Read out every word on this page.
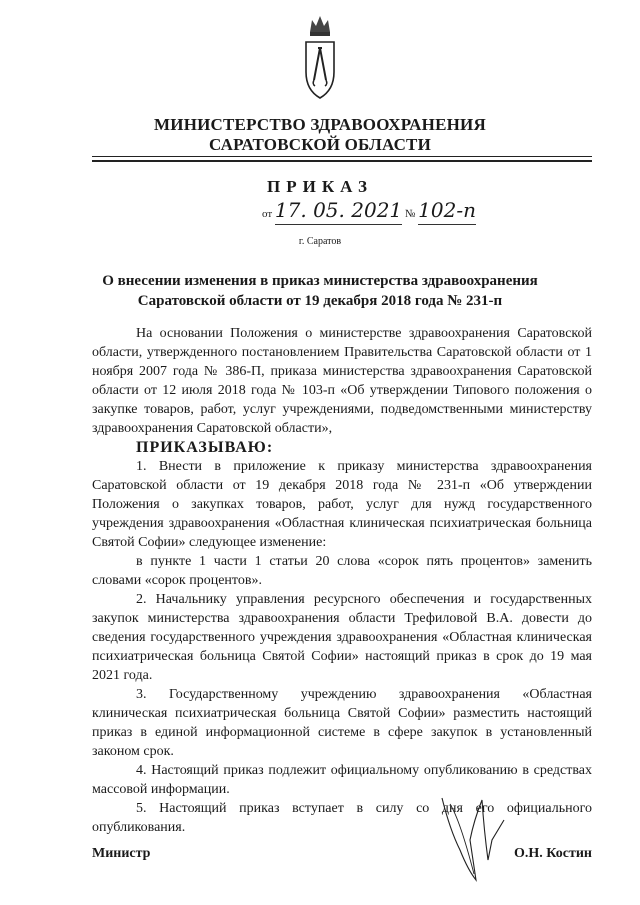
МИНИСТЕРСТВО ЗДРАВООХРАНЕНИЯ
САРАТОВСКОЙ ОБЛАСТИ
ПРИКАЗ
от 17. 05. 2021 № 102-п
г. Саратов
О внесении изменения в приказ министерства здравоохранения
Саратовской области от 19 декабря 2018 года № 231-п

На основании Положения о министерстве здравоохранения Саратовской области, утвержденного постановлением Правительства Саратовской области от 1 ноября 2007 года № 386-П, приказа министерства здравоохранения Саратовской области от 12 июля 2018 года № 103-п «Об утверждении Типового положения о закупке товаров, работ, услуг учреждениями, подведомственными министерству здравоохранения Саратовской области»,

ПРИКАЗЫВАЮ:

1. Внести в приложение к приказу министерства здравоохранения Саратовской области от 19 декабря 2018 года № 231-п «Об утверждении Положения о закупках товаров, работ, услуг для нужд государственного учреждения здравоохранения «Областная клиническая психиатрическая больница Святой Софии» следующее изменение:

в пункте 1 части 1 статьи 20 слова «сорок пять процентов» заменить словами «сорок процентов».

2. Начальнику управления ресурсного обеспечения и государственных закупок министерства здравоохранения области Трефиловой В.А. довести до сведения государственного учреждения здравоохранения «Областная клиническая психиатрическая больница Святой Софии» настоящий приказ в срок до 19 мая 2021 года.

3. Государственному учреждению здравоохранения «Областная клиническая психиатрическая больница Святой Софии» разместить настоящий приказ в единой информационной системе в сфере закупок в установленный законом срок.

4. Настоящий приказ подлежит официальному опубликованию в средствах массовой информации.

5. Настоящий приказ вступает в силу со дня его официального опубликования.

Министр	О.Н. Костин
